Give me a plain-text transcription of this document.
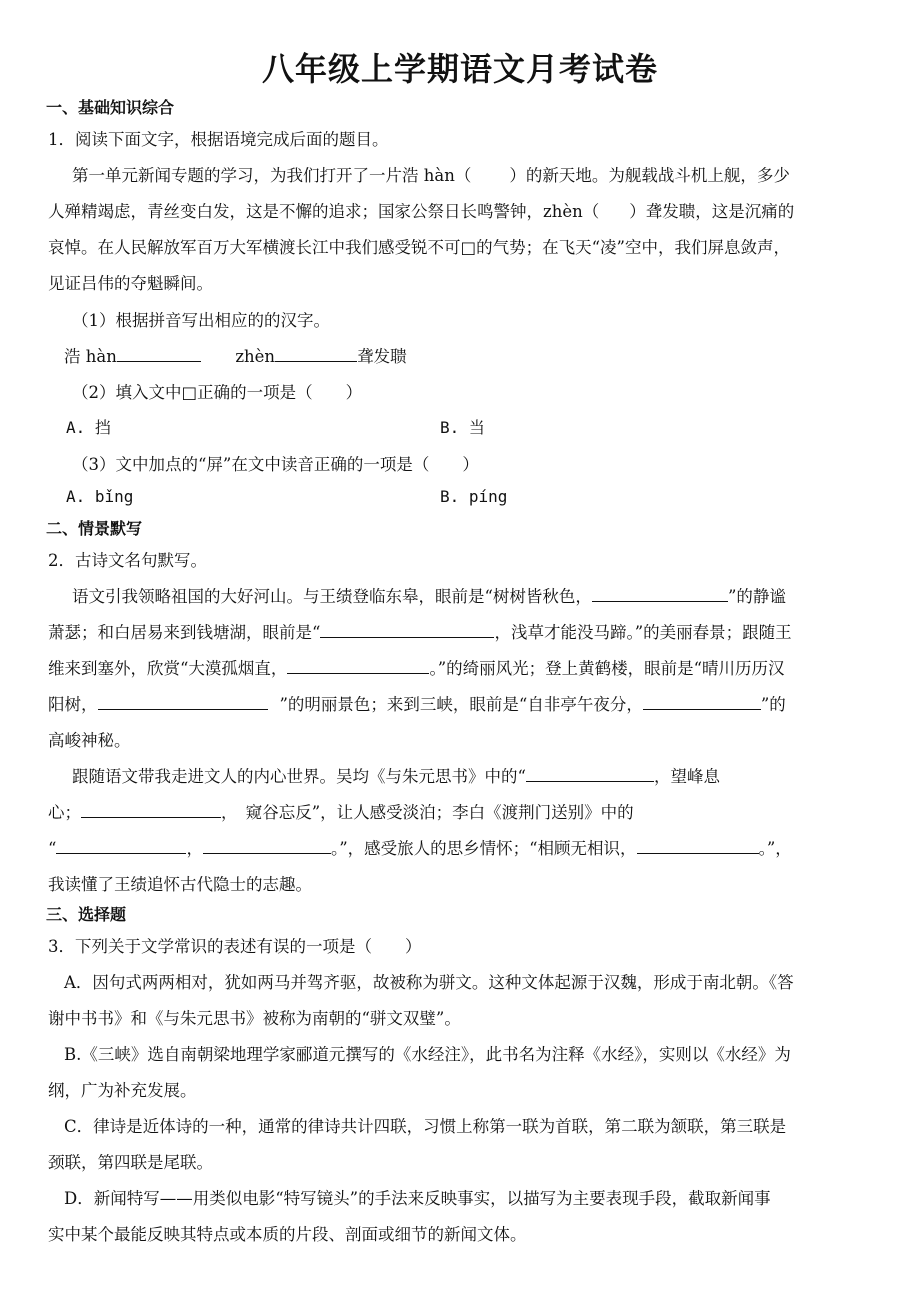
八年级上学期语文月考试卷
一、基础知识综合
1．阅读下面文字，根据语境完成后面的题目。
第一单元新闻专题的学习，为我们打开了一片浩 hàn（ ）的新天地。为舰载战斗机上舰，多少
人殚精竭虑，青丝变白发，这是不懈的追求；国家公祭日长鸣警钟，zhèn（ ）聋发聩，这是沉痛的
哀悼。在人民解放军百万大军横渡长江中我们感受锐不可□的气势；在飞天“凌”空中，我们屏息敛声，
见证吕伟的夺魁瞬间。
（1）根据拼音写出相应的的汉字。
浩 hàn	zhèn	聋发聩
（2）填入文中□正确的一项是（　　）
A. 挡	B. 当
（3）文中加点的“屏”在文中读音正确的一项是（　　）
A. bǐng	B. píng
二、情景默写
2．古诗文名句默写。
语文引我领略祖国的大好河山。与王绩登临东皋，眼前是“树树皆秋色，	”的静谧
萧瑟；和白居易来到钱塘湖，眼前是“	，浅草才能没马蹄。”的美丽春景；跟随王
维来到塞外，欣赏“大漠孤烟直，	。”的绮丽风光；登上黄鹤楼，眼前是“晴川历历汉
阳树，	”的明丽景色；来到三峡，眼前是“自非亭午夜分，	”的
高峻神秘。
跟随语文带我走进文人的内心世界。吴均《与朱元思书》中的“	，望峰息
心；	，　窥谷忘反”，让人感受淡泊；李白《渡荆门送别》中的
“	，	。”，感受旅人的思乡情怀；“相顾无相识，	。”，
我读懂了王绩追怀古代隐士的志趣。
三、选择题
3．下列关于文学常识的表述有误的一项是（　　）
A．因句式两两相对，犹如两马并驾齐驱，故被称为骈文。这种文体起源于汉魏，形成于南北朝。《答
谢中书书》和《与朱元思书》被称为南朝的“骈文双璧”。
B.《三峡》选自南朝梁地理学家郦道元撰写的《水经注》，此书名为注释《水经》，实则以《水经》为
纲，广为补充发展。
C．律诗是近体诗的一种，通常的律诗共计四联，习惯上称第一联为首联，第二联为颔联，第三联是
颈联，第四联是尾联。
D．新闻特写——用类似电影“特写镜头”的手法来反映事实，以描写为主要表现手段，截取新闻事
实中某个最能反映其特点或本质的片段、剖面或细节的新闻文体。
